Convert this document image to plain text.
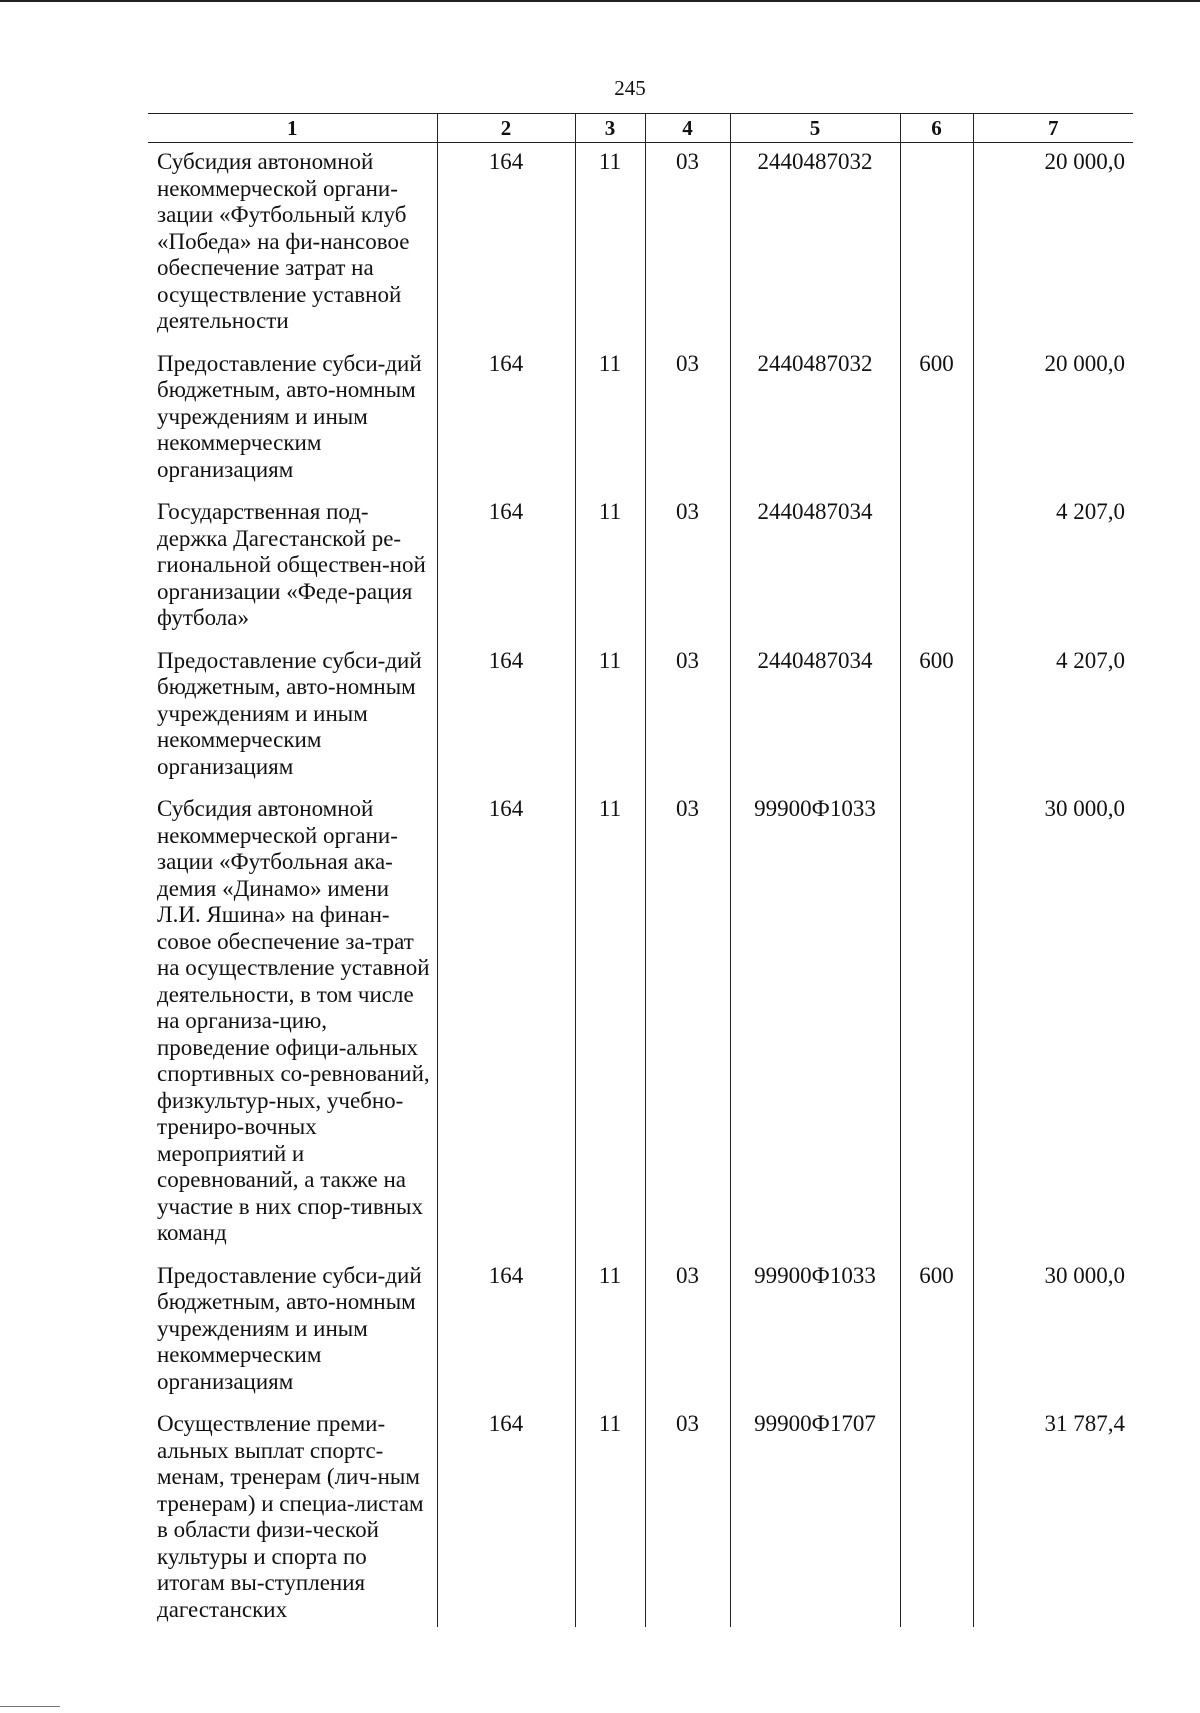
245
1	2	3	4	5	6	7
Субсидия автономной некоммерческой органи-зации «Футбольный клуб «Победа» на фи-нансовое обеспечение затрат на осуществление уставной деятельности	164	11	03	2440487032		20 000,0
Предоставление субси-дий бюджетным, авто-номным учреждениям и иным некоммерческим организациям	164	11	03	2440487032	600	20 000,0
Государственная под-держка Дагестанской ре-гиональной обществен-ной организации «Феде-рация футбола»	164	11	03	2440487034		4 207,0
Предоставление субси-дий бюджетным, авто-номным учреждениям и иным некоммерческим организациям	164	11	03	2440487034	600	4 207,0
Субсидия автономной некоммерческой органи-зации «Футбольная ака-демия «Динамо» имени Л.И. Яшина» на финан-совое обеспечение за-трат на осуществление уставной деятельности, в том числе на организа-цию, проведение офици-альных спортивных со-ревнований, физкультур-ных, учебно-трениро-вочных мероприятий и соревнований, а также на участие в них спор-тивных команд	164	11	03	99900Ф1033		30 000,0
Предоставление субси-дий бюджетным, авто-номным учреждениям и иным некоммерческим организациям	164	11	03	99900Ф1033	600	30 000,0
Осуществление преми-альных выплат спортс-менам, тренерам (лич-ным тренерам) и специа-листам в области физи-ческой культуры и спорта по итогам вы-ступления дагестанских	164	11	03	99900Ф1707		31 787,4
